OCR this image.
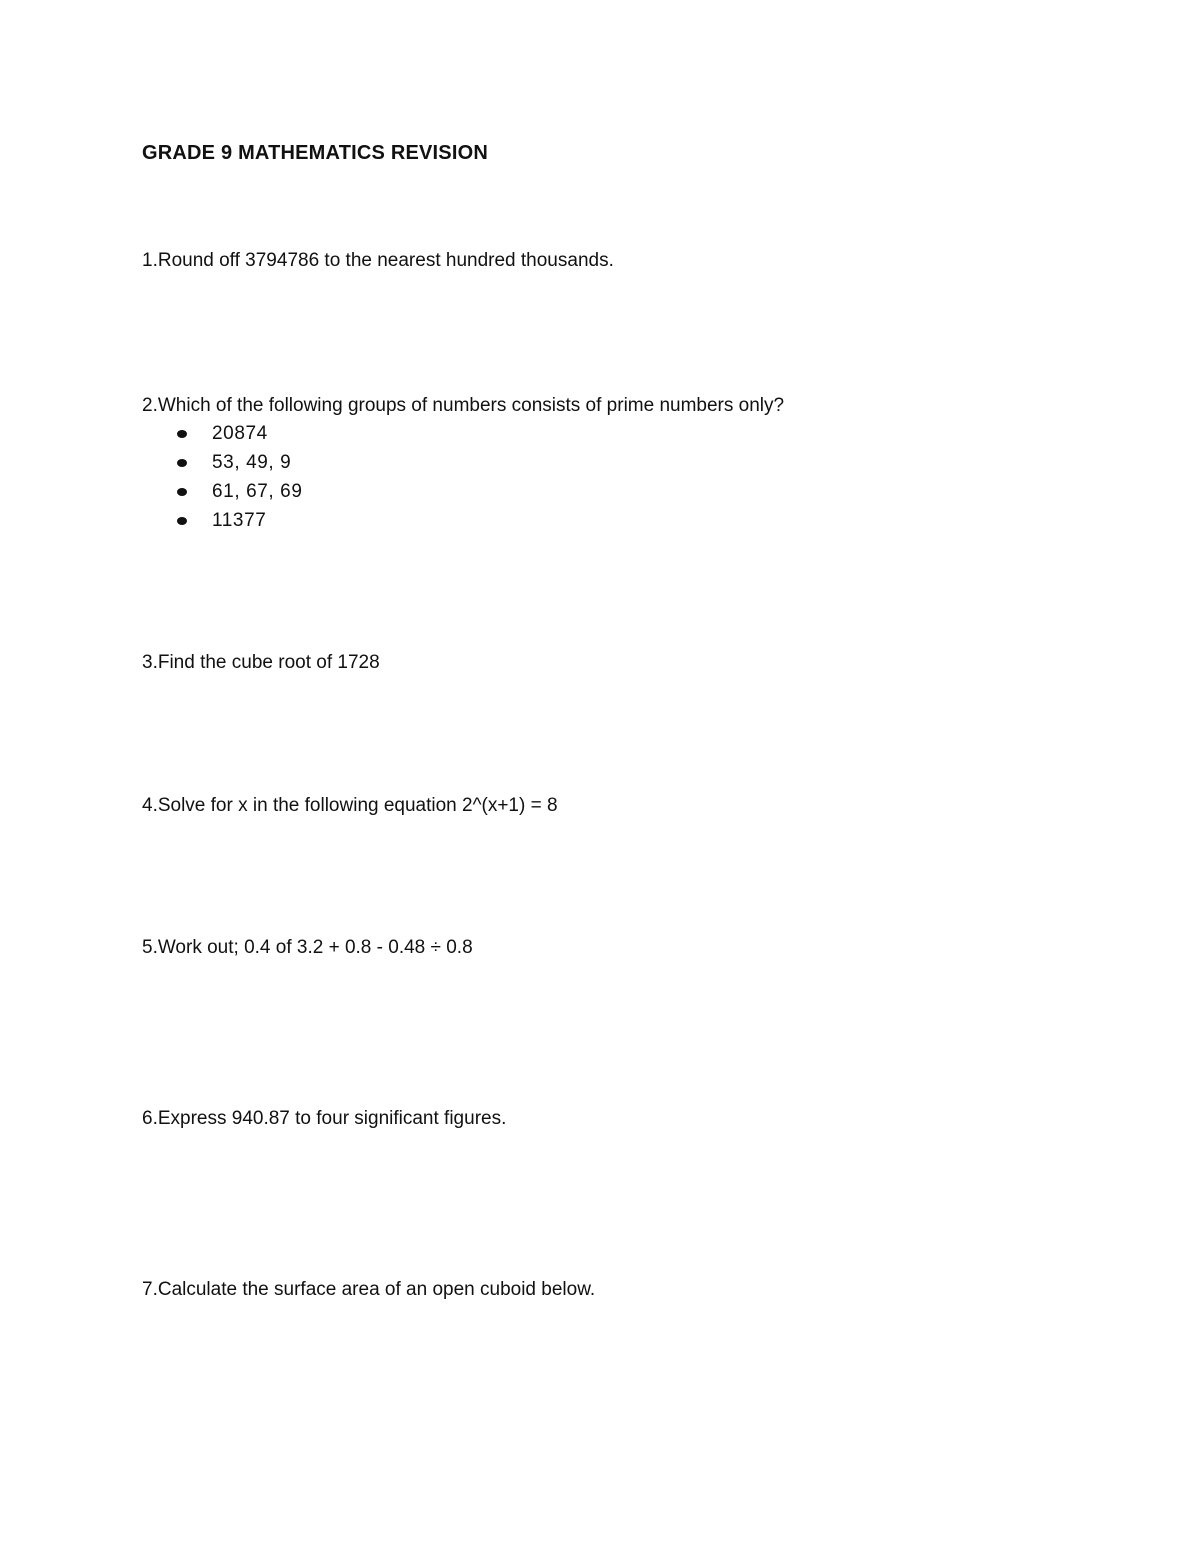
GRADE 9 MATHEMATICS REVISION
1.Round off 3794786 to the nearest hundred thousands.
2.Which of the following groups of numbers consists of prime numbers only?
20874
53, 49, 9
61, 67, 69
11377
3.Find the cube root of 1728
4.Solve for x in the following equation 2^(x+1) = 8
5.Work out; 0.4 of 3.2 + 0.8 - 0.48 ÷ 0.8
6.Express 940.87 to four significant figures.
7.Calculate the surface area of an open cuboid below.
